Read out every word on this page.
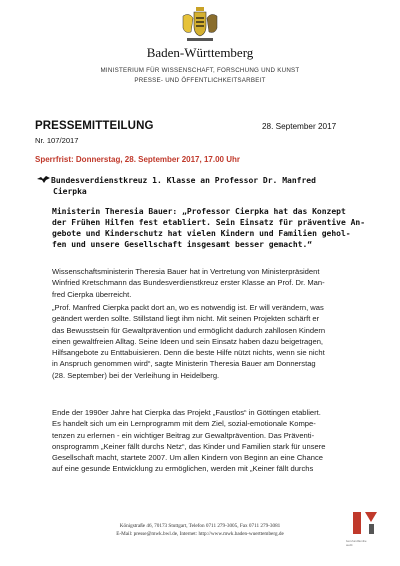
Baden-Württemberg
MINISTERIUM FÜR WISSENSCHAFT, FORSCHUNG UND KUNST
PRESSE- UND ÖFFENTLICHKEITSARBEIT
PRESSEMITTEILUNG	28. September 2017
Nr. 107/2017
Sperrfrist: Donnerstag, 28. September 2017, 17.00 Uhr
Bundesverdienstkreuz 1. Klasse an Professor Dr. Manfred
Cierpka
Ministerin Theresia Bauer: „Professor Cierpka hat das Konzept
der Frühen Hilfen fest etabliert. Sein Einsatz für präventive An-
gebote und Kinderschutz hat vielen Kindern und Familien gehol-
fen und unsere Gesellschaft insgesamt besser gemacht.“
Wissenschaftsministerin Theresia Bauer hat in Vertretung von Ministerpräsident
Winfried Kretschmann das Bundesverdienstkreuz erster Klasse an Prof. Dr. Man-
fred Cierpka überreicht.
„Prof. Manfred Cierpka packt dort an, wo es notwendig ist. Er will verändern, was
geändert werden sollte. Stillstand liegt ihm nicht. Mit seinen Projekten schärft er
das Bewusstsein für Gewaltprävention und ermöglicht dadurch zahllosen Kindern
einen gewaltfreien Alltag. Seine Ideen und sein Einsatz haben dazu beigetragen,
Hilfsangebote zu Enttabuisieren. Denn die beste Hilfe nützt nichts, wenn sie nicht
in Anspruch genommen wird“, sagte Ministerin Theresia Bauer am Donnerstag
(28. September) bei der Verleihung in Heidelberg.
Ende der 1990er Jahre hat Cierpka das Projekt „Faustlos“ in Göttingen etabliert.
Es handelt sich um ein Lernprogramm mit dem Ziel, sozial-emotionale Kompe-
tenzen zu erlernen - ein wichtiger Beitrag zur Gewaltprävention. Das Präventi-
onsprogramm „Keiner fällt durchs Netz“, das Kinder und Familien stark für unsere
Gesellschaft macht, startete 2007. Um allen Kindern von Beginn an eine Chance
auf eine gesunde Entwicklung zu ermöglichen, werden mit „Keiner fällt durchs
Königstraße 46, 70173 Stuttgart, Telefon 0711 279-3005, Fax 0711 279-3081
E-Mail: presse@mwk.bwl.de, Internet: http://www.mwk.baden-wuerttemberg.de
berufundfamilie
audit
